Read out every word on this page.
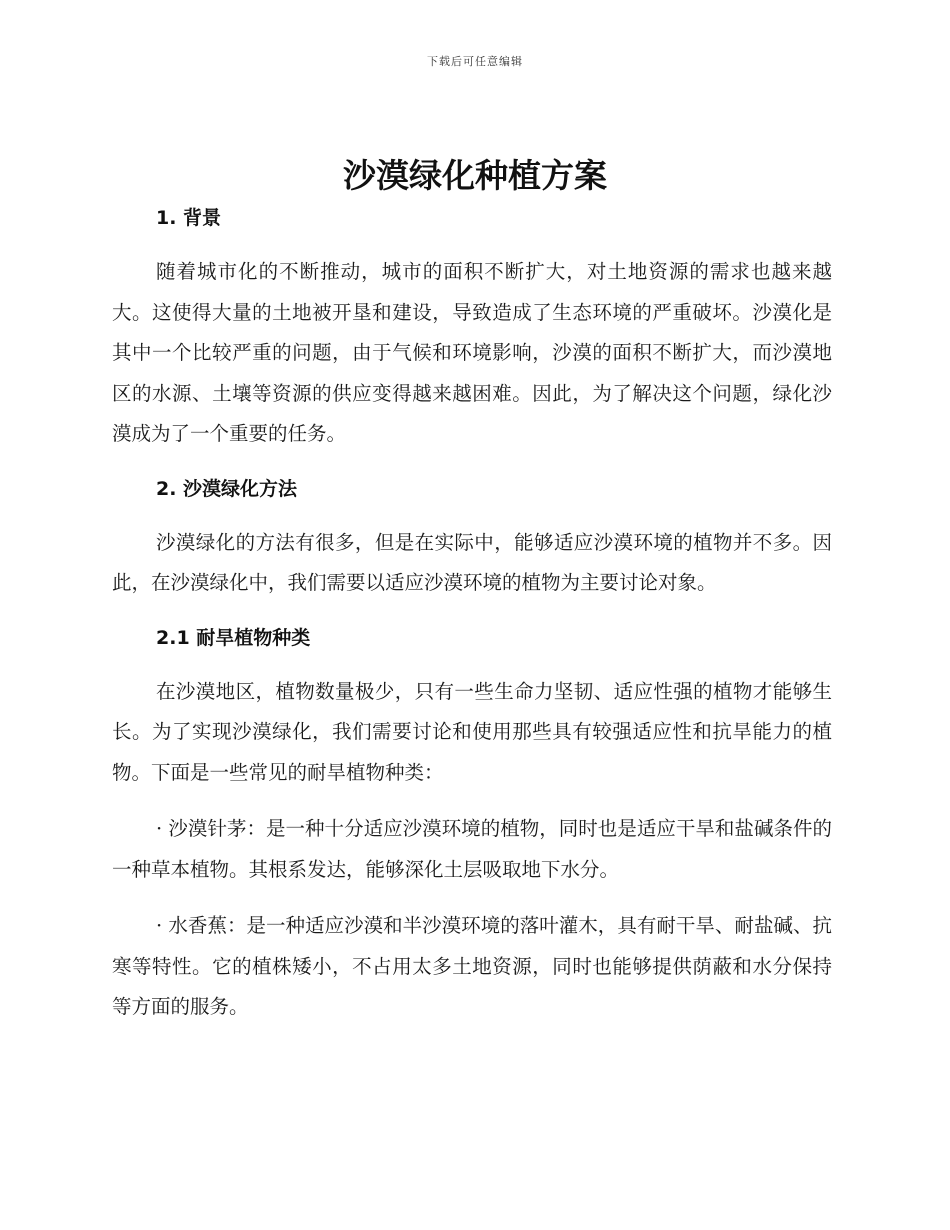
下载后可任意编辑
沙漠绿化种植方案
1. 背景

随着城市化的不断推动，城市的面积不断扩大，对土地资源的需求也越来越大。这使得大量的土地被开垦和建设，导致造成了生态环境的严重破坏。沙漠化是其中一个比较严重的问题，由于气候和环境影响，沙漠的面积不断扩大，而沙漠地区的水源、土壤等资源的供应变得越来越困难。因此，为了解决这个问题，绿化沙漠成为了一个重要的任务。

2. 沙漠绿化方法

沙漠绿化的方法有很多，但是在实际中，能够适应沙漠环境的植物并不多。因此，在沙漠绿化中，我们需要以适应沙漠环境的植物为主要讨论对象。

2.1 耐旱植物种类

在沙漠地区，植物数量极少，只有一些生命力坚韧、适应性强的植物才能够生长。为了实现沙漠绿化，我们需要讨论和使用那些具有较强适应性和抗旱能力的植物。下面是一些常见的耐旱植物种类：

· 沙漠针茅：是一种十分适应沙漠环境的植物，同时也是适应干旱和盐碱条件的一种草本植物。其根系发达，能够深化土层吸取地下水分。

· 水香蕉：是一种适应沙漠和半沙漠环境的落叶灌木，具有耐干旱、耐盐碱、抗寒等特性。它的植株矮小，不占用太多土地资源，同时也能够提供荫蔽和水分保持等方面的服务。
